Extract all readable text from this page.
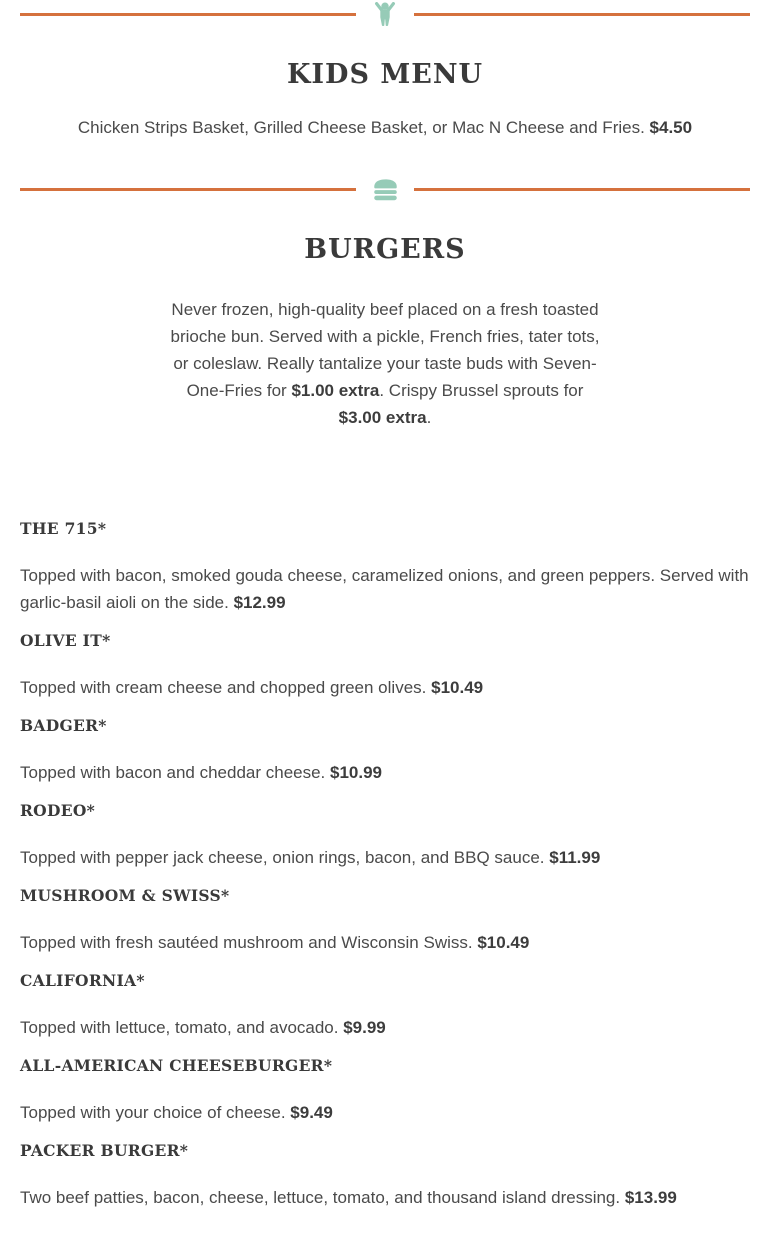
KIDS MENU

Chicken Strips Basket, Grilled Cheese Basket, or Mac N Cheese and Fries. $4.50

BURGERS

Never frozen, high-quality beef placed on a fresh toasted brioche bun. Served with a pickle, French fries, tater tots, or coleslaw. Really tantalize your taste buds with Seven-One-Fries for $1.00 extra. Crispy Brussel sprouts for $3.00 extra.

THE 715*

Topped with bacon, smoked gouda cheese, caramelized onions, and green peppers. Served with garlic-basil aioli on the side. $12.99

OLIVE IT*

Topped with cream cheese and chopped green olives. $10.49

BADGER*

Topped with bacon and cheddar cheese. $10.99

RODEO*

Topped with pepper jack cheese, onion rings, bacon, and BBQ sauce. $11.99

MUSHROOM & SWISS*

Topped with fresh sautéed mushroom and Wisconsin Swiss. $10.49

CALIFORNIA*

Topped with lettuce, tomato, and avocado. $9.99

ALL-AMERICAN CHEESEBURGER*

Topped with your choice of cheese. $9.49

PACKER BURGER*

Two beef patties, bacon, cheese, lettuce, tomato, and thousand island dressing. $13.99
